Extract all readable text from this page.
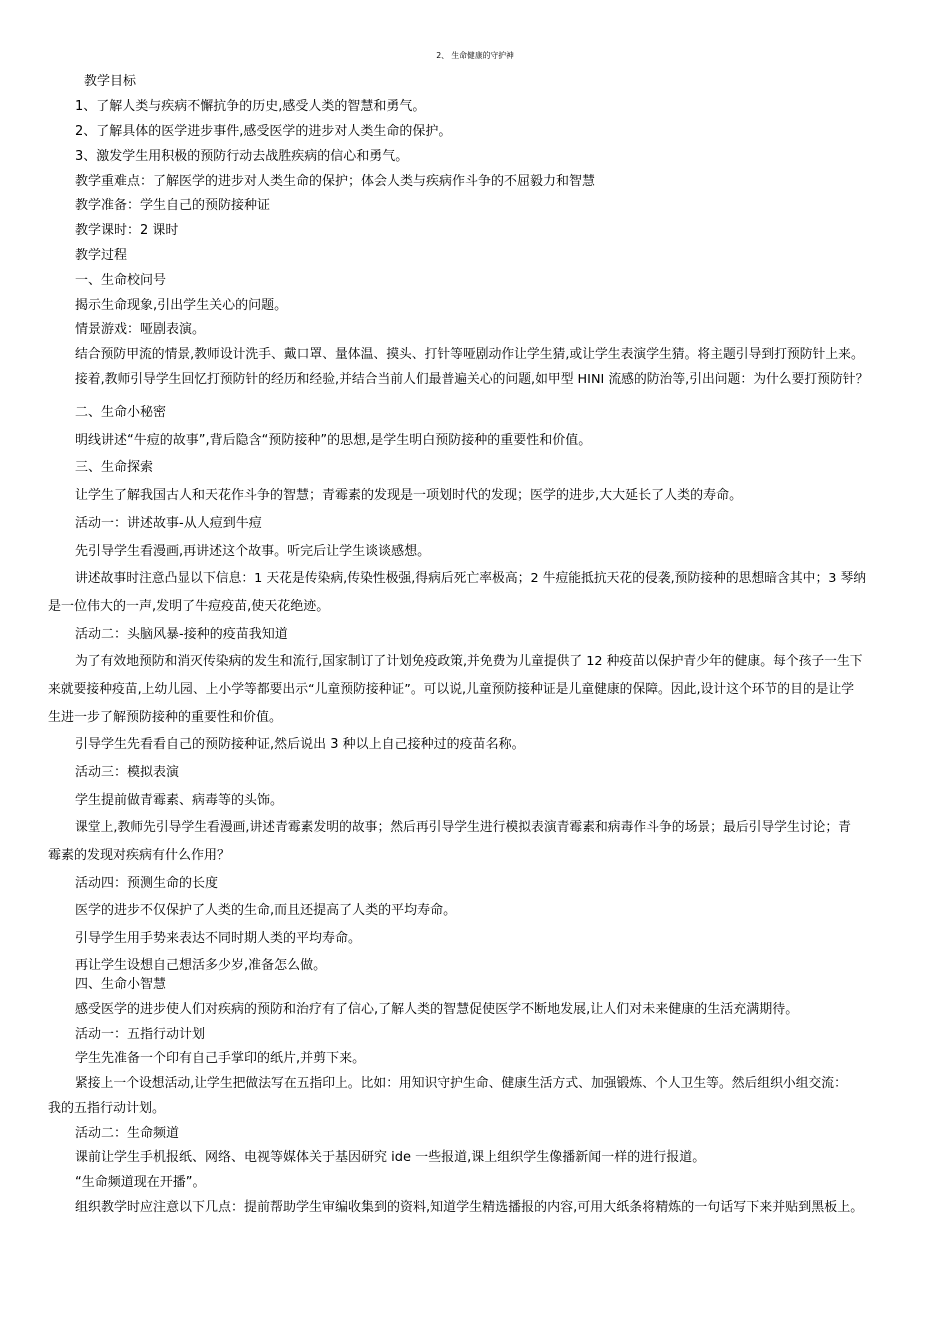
2、 生命健康的守护神
教学目标
1、了解人类与疾病不懈抗争的历史,感受人类的智慧和勇气。
2、了解具体的医学进步事件,感受医学的进步对人类生命的保护。
3、激发学生用积极的预防行动去战胜疾病的信心和勇气。
教学重难点：了解医学的进步对人类生命的保护；体会人类与疾病作斗争的不屈毅力和智慧
教学准备：学生自己的预防接种证
教学课时：2 课时
教学过程
一、生命校问号
揭示生命现象,引出学生关心的问题。
情景游戏：哑剧表演。
结合预防甲流的情景,教师设计洗手、戴口罩、量体温、摸头、打针等哑剧动作让学生猜,或让学生表演学生猜。将主题引导到打预防针上来。
接着,教师引导学生回忆打预防针的经历和经验,并结合当前人们最普遍关心的问题,如甲型 HINI 流感的防治等,引出问题：为什么要打预防针？
二、生命小秘密
明线讲述“牛痘的故事”,背后隐含“预防接种”的思想,是学生明白预防接种的重要性和价值。
三、生命探索
让学生了解我国古人和天花作斗争的智慧；青霉素的发现是一项划时代的发现；医学的进步,大大延长了人类的寿命。
活动一：讲述故事-从人痘到牛痘
先引导学生看漫画,再讲述这个故事。听完后让学生谈谈感想。
讲述故事时注意凸显以下信息：1 天花是传染病,传染性极强,得病后死亡率极高；2 牛痘能抵抗天花的侵袭,预防接种的思想暗含其中；3 琴纳
是一位伟大的一声,发明了牛痘疫苗,使天花绝迹。
活动二：头脑风暴-接种的疫苗我知道
为了有效地预防和消灭传染病的发生和流行,国家制订了计划免疫政策,并免费为儿童提供了 12 种疫苗以保护青少年的健康。每个孩子一生下
来就要接种疫苗,上幼儿园、上小学等都要出示“儿童预防接种证”。可以说,儿童预防接种证是儿童健康的保障。因此,设计这个环节的目的是让学
生进一步了解预防接种的重要性和价值。
引导学生先看看自己的预防接种证,然后说出 3 种以上自己接种过的疫苗名称。
活动三：模拟表演
学生提前做青霉素、病毒等的头饰。
课堂上,教师先引导学生看漫画,讲述青霉素发明的故事；然后再引导学生进行模拟表演青霉素和病毒作斗争的场景；最后引导学生讨论；青
霉素的发现对疾病有什么作用？
活动四：预测生命的长度
医学的进步不仅保护了人类的生命,而且还提高了人类的平均寿命。
引导学生用手势来表达不同时期人类的平均寿命。
再让学生设想自己想活多少岁,准备怎么做。
四、生命小智慧
感受医学的进步使人们对疾病的预防和治疗有了信心,了解人类的智慧促使医学不断地发展,让人们对未来健康的生活充满期待。
活动一：五指行动计划
学生先准备一个印有自己手掌印的纸片,并剪下来。
紧接上一个设想活动,让学生把做法写在五指印上。比如：用知识守护生命、健康生活方式、加强锻炼、个人卫生等。然后组织小组交流：
我的五指行动计划。
活动二：生命频道
课前让学生手机报纸、网络、电视等媒体关于基因研究 ide 一些报道,课上组织学生像播新闻一样的进行报道。
“生命频道现在开播”。
组织教学时应注意以下几点：提前帮助学生审编收集到的资料,知道学生精选播报的内容,可用大纸条将精炼的一句话写下来并贴到黑板上。
